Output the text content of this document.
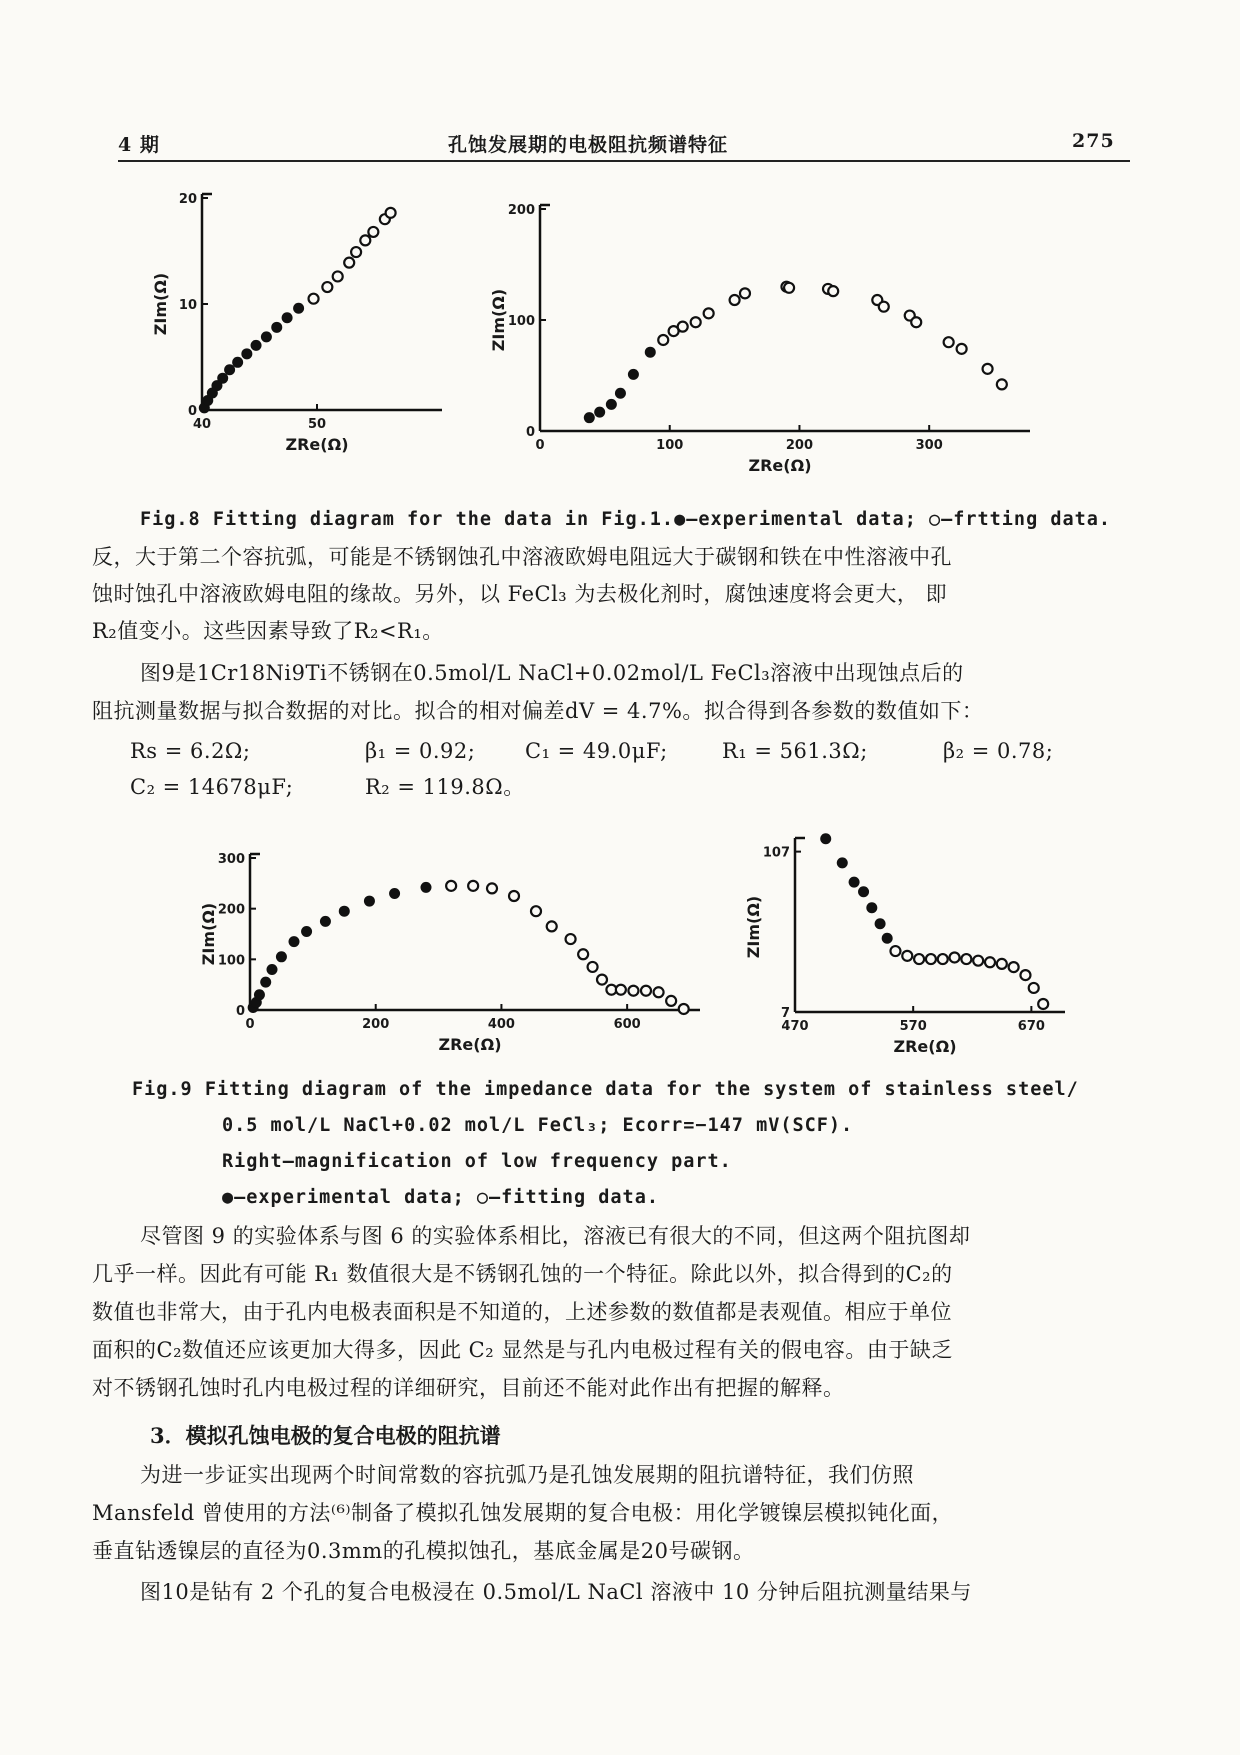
4 期	孔蚀发展期的电极阻抗频谱特征	275
40	50
0
10
20
ZRe(Ω)
ZIm(Ω)
0	100	200	300
0
100
200
ZRe(Ω)
ZIm(Ω)
Fig.8 Fitting diagram for the data in Fig.1.●—experimental data; ○—frtting data.
反，大于第二个容抗弧，可能是不锈钢蚀孔中溶液欧姆电阻远大于碳钢和铁在中性溶液中孔
蚀时蚀孔中溶液欧姆电阻的缘故。另外，以 FeCl₃ 为去极化剂时，腐蚀速度将会更大， 即
R₂值变小。这些因素导致了R₂<R₁。
图9是1Cr18Ni9Ti不锈钢在0.5mol/L NaCl+0.02mol/L FeCl₃溶液中出现蚀点后的
阻抗测量数据与拟合数据的对比。拟合的相对偏差dV = 4.7%。拟合得到各参数的数值如下：
Rs = 6.2Ω;	β₁ = 0.92; C₁ = 49.0μF;	R₁ = 561.3Ω;	β₂ = 0.78;
C₂ = 14678μF;	R₂ = 119.8Ω。
0	200	400	600
0
100
200
300
ZRe(Ω)
ZIm(Ω)
470	570	670
7
107
ZRe(Ω)
ZIm(Ω)
Fig.9 Fitting diagram of the impedance data for the system of stainless steel/
0.5 mol/L NaCl+0.02 mol/L FeCl₃; Ecorr=−147 mV(SCF).
Right—magnification of low frequency part.
●—experimental data; ○—fitting data.
尽管图 9 的实验体系与图 6 的实验体系相比，溶液已有很大的不同，但这两个阻抗图却
几乎一样。因此有可能 R₁ 数值很大是不锈钢孔蚀的一个特征。除此以外，拟合得到的C₂的
数值也非常大，由于孔内电极表面积是不知道的，上述参数的数值都是表观值。相应于单位
面积的C₂数值还应该更加大得多，因此 C₂ 显然是与孔内电极过程有关的假电容。由于缺乏
对不锈钢孔蚀时孔内电极过程的详细研究，目前还不能对此作出有把握的解释。
3．模拟孔蚀电极的复合电极的阻抗谱
为进一步证实出现两个时间常数的容抗弧乃是孔蚀发展期的阻抗谱特征，我们仿照
Mansfeld 曾使用的方法⁽⁶⁾制备了模拟孔蚀发展期的复合电极：用化学镀镍层模拟钝化面，
垂直钻透镍层的直径为0.3mm的孔模拟蚀孔，基底金属是20号碳钢。
图10是钻有 2 个孔的复合电极浸在 0.5mol/L NaCl 溶液中 10 分钟后阻抗测量结果与
